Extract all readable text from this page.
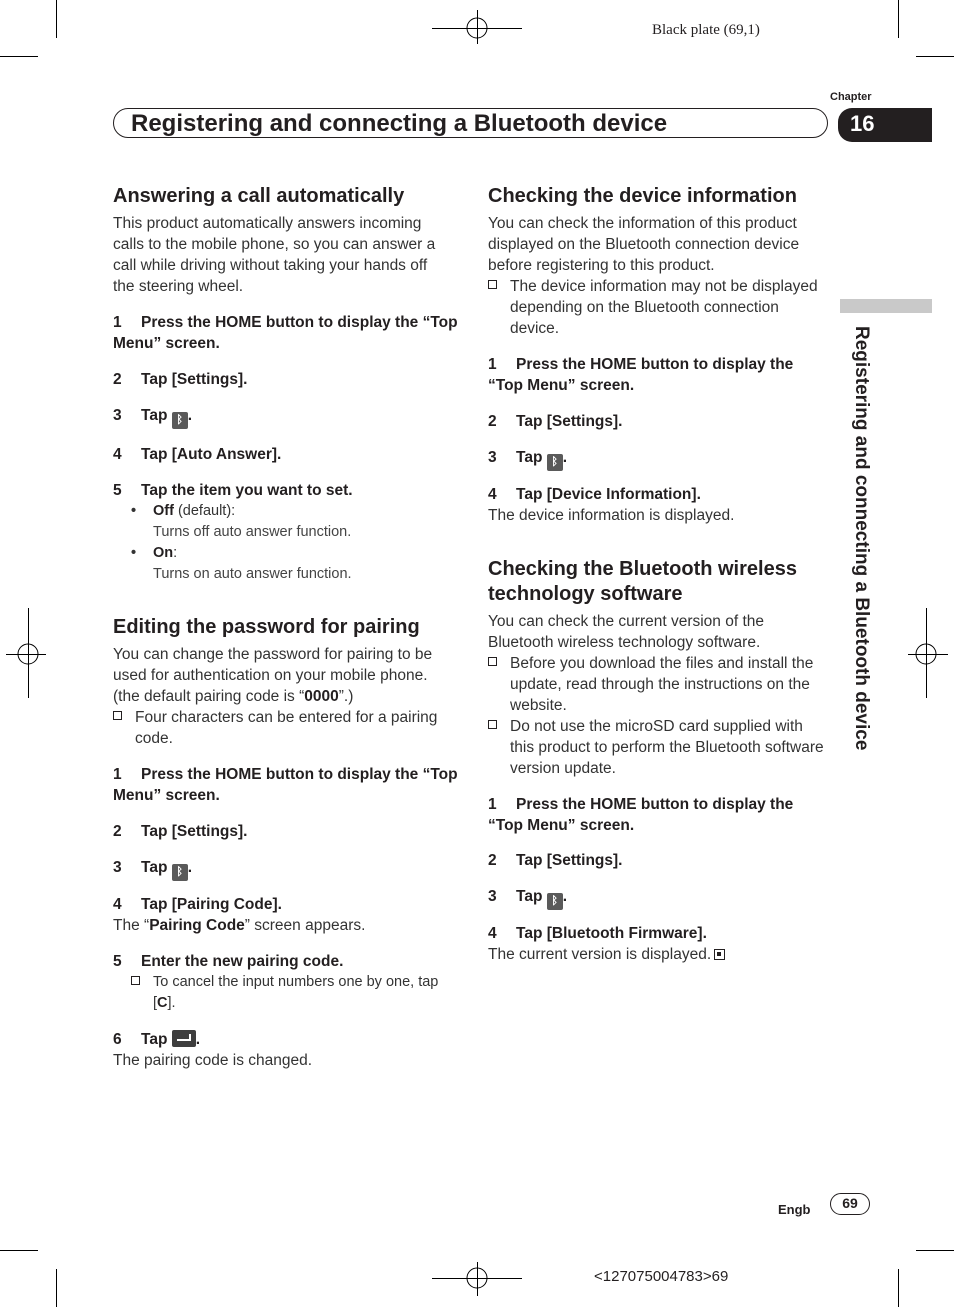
Black plate (69,1)
Chapter
Registering and connecting a Bluetooth device	16
Registering and connecting a Bluetooth device
Answering a call automatically
This product automatically answers incoming calls to the mobile phone, so you can answer a call while driving without taking your hands off the steering wheel.
1 Press the HOME button to display the “Top Menu” screen.
2 Tap [Settings].
3 Tap ᛒ .
4 Tap [Auto Answer].
5 Tap the item you want to set.
• Off (default):
Turns off auto answer function.
• On:
Turns on auto answer function.
Editing the password for pairing
You can change the password for pairing to be used for authentication on your mobile phone. (the default pairing code is “0000”.)
Four characters can be entered for a pairing code.
1 Press the HOME button to display the “Top Menu” screen.
2 Tap [Settings].
3 Tap ᛒ .
4 Tap [Pairing Code].
The “Pairing Code” screen appears.
5 Enter the new pairing code.
To cancel the input numbers one by one, tap [C].
6 Tap .
The pairing code is changed.
Checking the device information
You can check the information of this product displayed on the Bluetooth connection device before registering to this product.
The device information may not be displayed depending on the Bluetooth connection device.
1 Press the HOME button to display the “Top Menu” screen.
2 Tap [Settings].
3 Tap ᛒ .
4 Tap [Device Information].
The device information is displayed.
Checking the Bluetooth wireless technology software
You can check the current version of the Bluetooth wireless technology software.
Before you download the files and install the update, read through the instructions on the website.
Do not use the microSD card supplied with this product to perform the Bluetooth software version update.
1 Press the HOME button to display the “Top Menu” screen.
2 Tap [Settings].
3 Tap ᛒ .
4 Tap [Bluetooth Firmware].
The current version is displayed.
Engb	69
<127075004783>69
